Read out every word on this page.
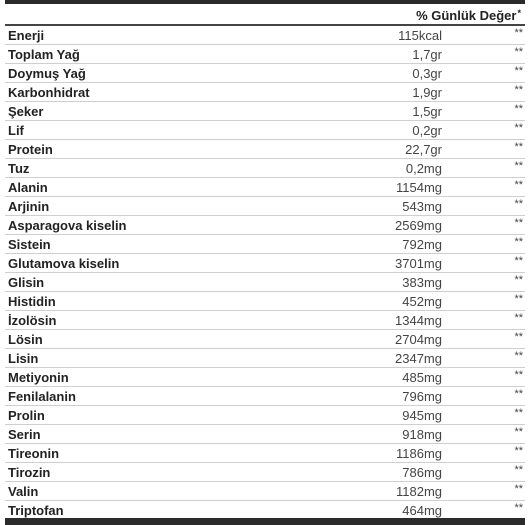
% Günlük Değer*
Enerji	115kcal	**
Toplam Yağ	1,7gr	**
Doymuş Yağ	0,3gr	**
Karbonhidrat	1,9gr	**
Şeker	1,5gr	**
Lif	0,2gr	**
Protein	22,7gr	**
Tuz	0,2mg	**
Alanin	1154mg	**
Arjinin	543mg	**
Asparagova kiselin	2569mg	**
Sistein	792mg	**
Glutamova kiselin	3701mg	**
Glisin	383mg	**
Histidin	452mg	**
İzolösin	1344mg	**
Lösin	2704mg	**
Lisin	2347mg	**
Metiyonin	485mg	**
Fenilalanin	796mg	**
Prolin	945mg	**
Serin	918mg	**
Tireonin	1186mg	**
Tirozin	786mg	**
Valin	1182mg	**
Triptofan	464mg	**
